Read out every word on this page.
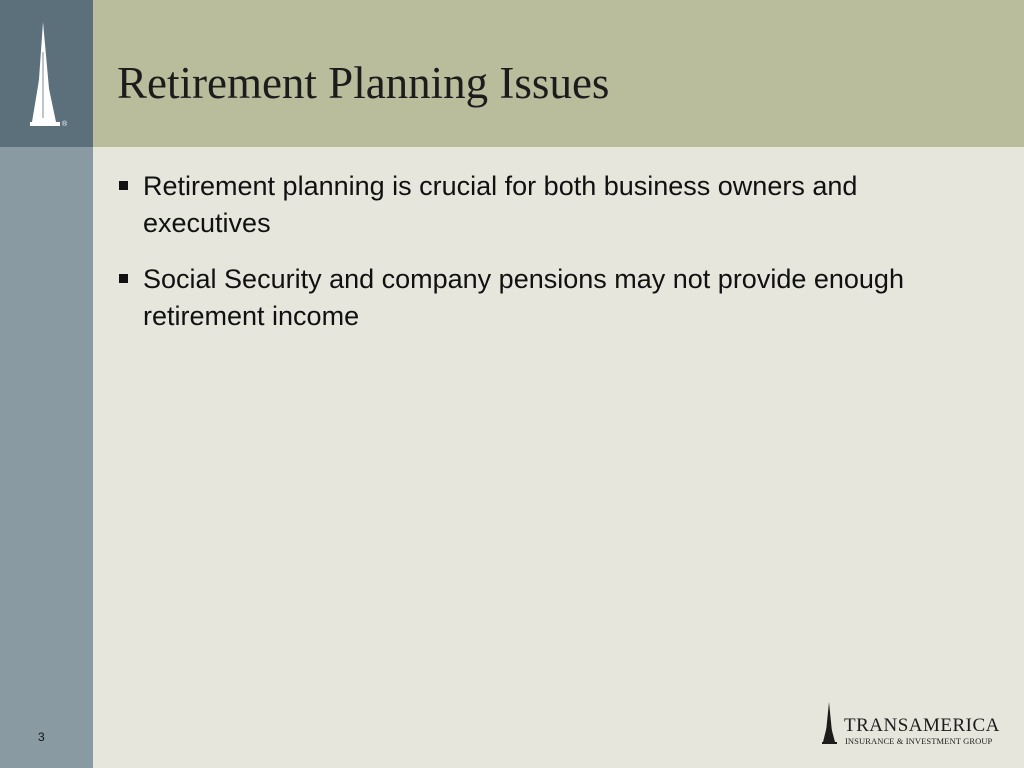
®
Retirement Planning Issues
Retirement planning is crucial for both business owners and executives
Social Security and company pensions may not provide enough retirement income
3
TRANSAMERICA
INSURANCE & INVESTMENT GROUP
